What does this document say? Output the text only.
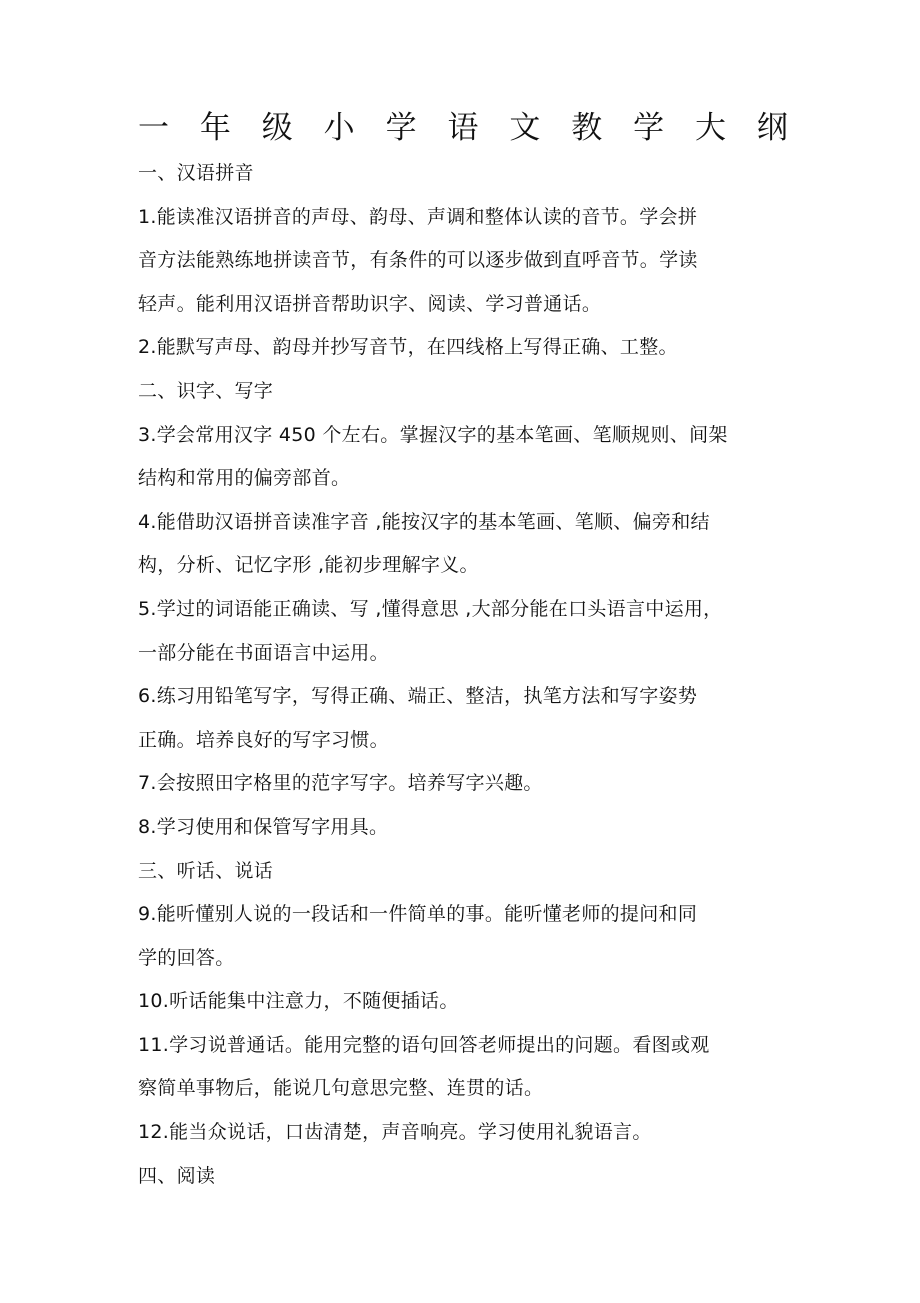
一 年 级 小 学 语 文 教 学 大 纲
一、汉语拼音
1.能读准汉语拼音的声母、韵母、声调和整体认读的音节。学会拼
音方法能熟练地拼读音节，有条件的可以逐步做到直呼音节。学读
轻声。能利用汉语拼音帮助识字、阅读、学习普通话。
2.能默写声母、韵母并抄写音节，在四线格上写得正确、工整。
二、识字、写字
3.学会常用汉字 450 个左右。掌握汉字的基本笔画、笔顺规则、间架
结构和常用的偏旁部首。
4.能借助汉语拼音读准字音 ,能按汉字的基本笔画、笔顺、偏旁和结
构，分析、记忆字形 ,能初步理解字义。
5.学过的词语能正确读、写 ,懂得意思 ,大部分能在口头语言中运用，
一部分能在书面语言中运用。
6.练习用铅笔写字，写得正确、端正、整洁，执笔方法和写字姿势
正确。培养良好的写字习惯。
7.会按照田字格里的范字写字。培养写字兴趣。
8.学习使用和保管写字用具。
三、听话、说话
9.能听懂别人说的一段话和一件简单的事。能听懂老师的提问和同
学的回答。
10.听话能集中注意力，不随便插话。
11.学习说普通话。能用完整的语句回答老师提出的问题。看图或观
察简单事物后，能说几句意思完整、连贯的话。
12.能当众说话，口齿清楚，声音响亮。学习使用礼貌语言。
四、阅读
